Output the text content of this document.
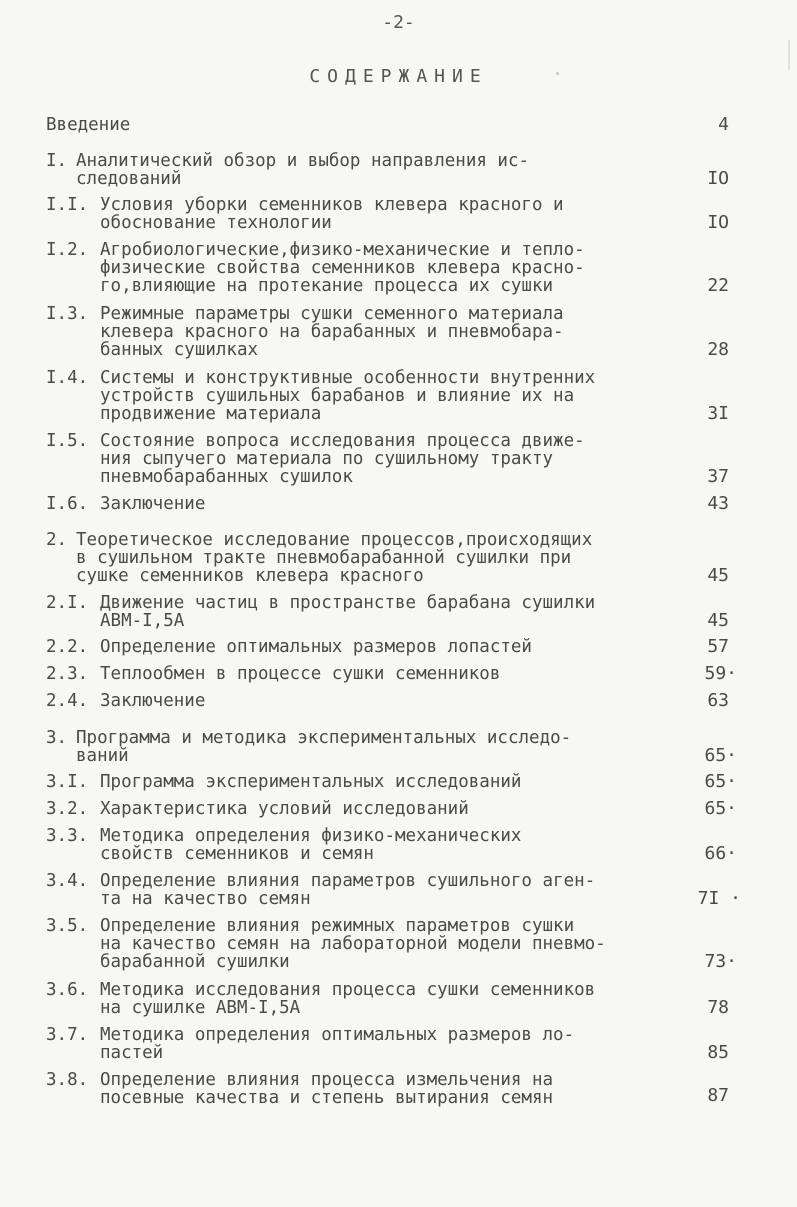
-2-
СОДЕРЖАНИЕ
Введение	4
I. Аналитический обзор и выбор направления ис-
следований	IO
I.I. Условия уборки семенников клевера красного и
обоснование технологии	IO
I.2. Агробиологические,физико-механические и тепло-
физические свойства семенников клевера красно-
го,влияющие на протекание процесса их сушки	22
I.3. Режимные параметры сушки семенного материала
клевера красного на барабанных и пневмобара-
банных сушилках	28
I.4. Системы и конструктивные особенности внутренних
устройств сушильных барабанов и влияние их на
продвижение материала	3I
I.5. Состояние вопроса исследования процесса движе-
ния сыпучего материала по сушильному тракту
пневмобарабанных сушилок	37
I.6. Заключение	43
2. Теоретическое исследование процессов,происходящих
в сушильном тракте пневмобарабанной сушилки при
сушке семенников клевера красного	45
2.I. Движение частиц в пространстве барабана сушилки
АВМ-I,5А	45
2.2. Определение оптимальных размеров лопастей	57
2.3. Теплообмен в процессе сушки семенников	59·
2.4. Заключение	63
3. Программа и методика экспериментальных исследо-
ваний	65·
3.I. Программа экспериментальных исследований	65·
3.2. Характеристика условий исследований	65·
3.3. Методика определения физико-механических
свойств семенников и семян	66·
3.4. Определение влияния параметров сушильного аген-
та на качество семян	7I ·
3.5. Определение влияния режимных параметров сушки
на качество семян на лабораторной модели пневмо-
барабанной сушилки	73·
3.6. Методика исследования процесса сушки семенников
на сушилке АВМ-I,5А	78
3.7. Методика определения оптимальных размеров ло-
пастей	85
3.8. Определение влияния процесса измельчения на
посевные качества и степень вытирания семян	87
